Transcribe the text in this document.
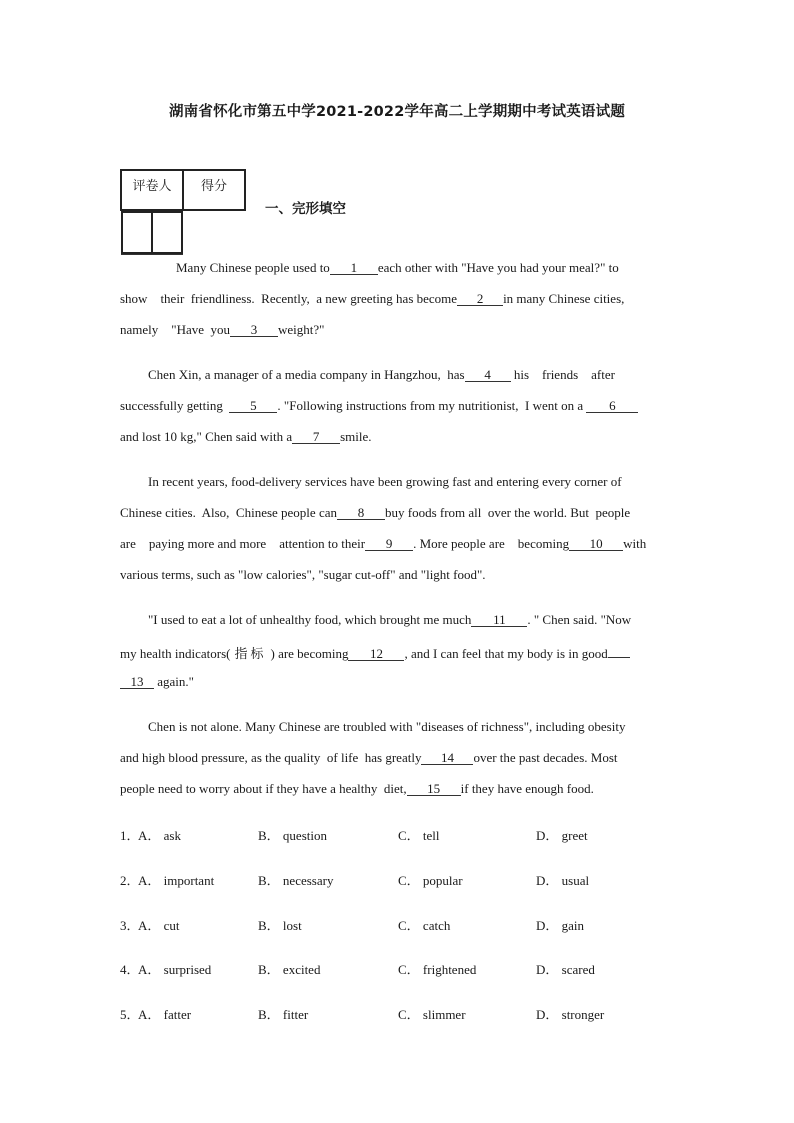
湖南省怀化市第五中学2021-2022学年高二上学期期中考试英语试题
评卷人	得分

一、完形填空
Many Chinese people used to 1 each other with "Have you had your meal?" to
show    their  friendliness.  Recently,  a new greeting has become 2 in many Chinese cities,
namely    "Have  you 3 weight?"
Chen Xin, a manager of a media company in Hangzhou,  has 4 his    friends    after
successfully getting 5 . "Following instructions from my nutritionist,  I went on a 6
and lost 10 kg," Chen said with a 7 smile.
In recent years, food-delivery services have been growing fast and entering every corner of
Chinese cities.  Also,  Chinese people can 8 buy foods from all  over the world. But  people
are    paying more and more    attention to their 9 . More people are    becoming 10 with
various terms, such as "low calories", "sugar cut-off" and "light food".
"I used to eat a lot of unhealthy food, which brought me much 11 . " Chen said. "Now
my health indicators( 指标 ) are becoming 12 , and I can feel that my body is in good
13 again."
Chen is not alone. Many Chinese are troubled with "diseases of richness", including obesity
and high blood pressure, as the quality  of life  has greatly 14 over the past decades. Most
people need to worry about if they have a healthy  diet, 15 if they have enough food.
1．
A． ask	B． question	C． tell	D． greet
2．
A． important	B． necessary	C． popular	D． usual
3．
A． cut	B． lost	C． catch	D． gain
4．
A． surprised	B． excited	C． frightened	D． scared
5．
A． fatter	B． fitter	C． slimmer	D． stronger
